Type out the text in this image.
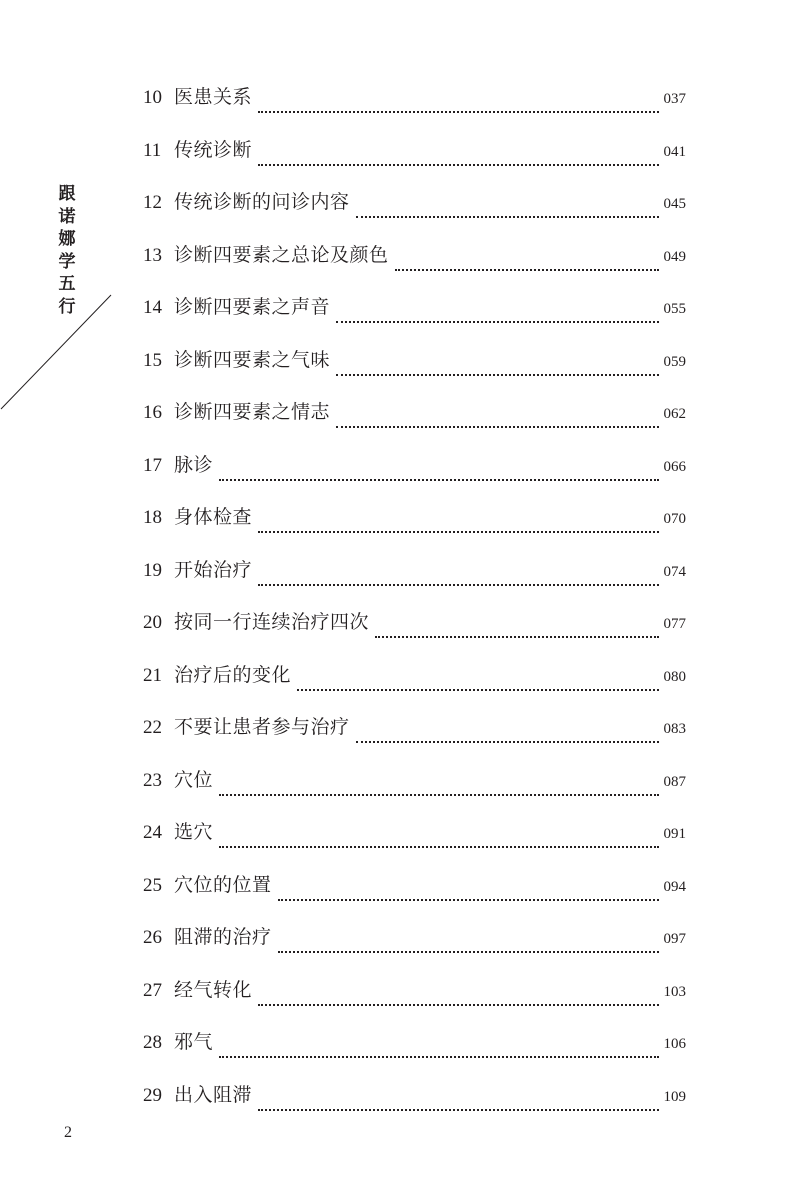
跟诺娜学五行
10 医患关系	037
11 传统诊断	041
12 传统诊断的问诊内容	045
13 诊断四要素之总论及颜色	049
14 诊断四要素之声音	055
15 诊断四要素之气味	059
16 诊断四要素之情志	062
17 脉诊	066
18 身体检查	070
19 开始治疗	074
20 按同一行连续治疗四次	077
21 治疗后的变化	080
22 不要让患者参与治疗	083
23 穴位	087
24 选穴	091
25 穴位的位置	094
26 阻滞的治疗	097
27 经气转化	103
28 邪气	106
29 出入阻滞	109
2
